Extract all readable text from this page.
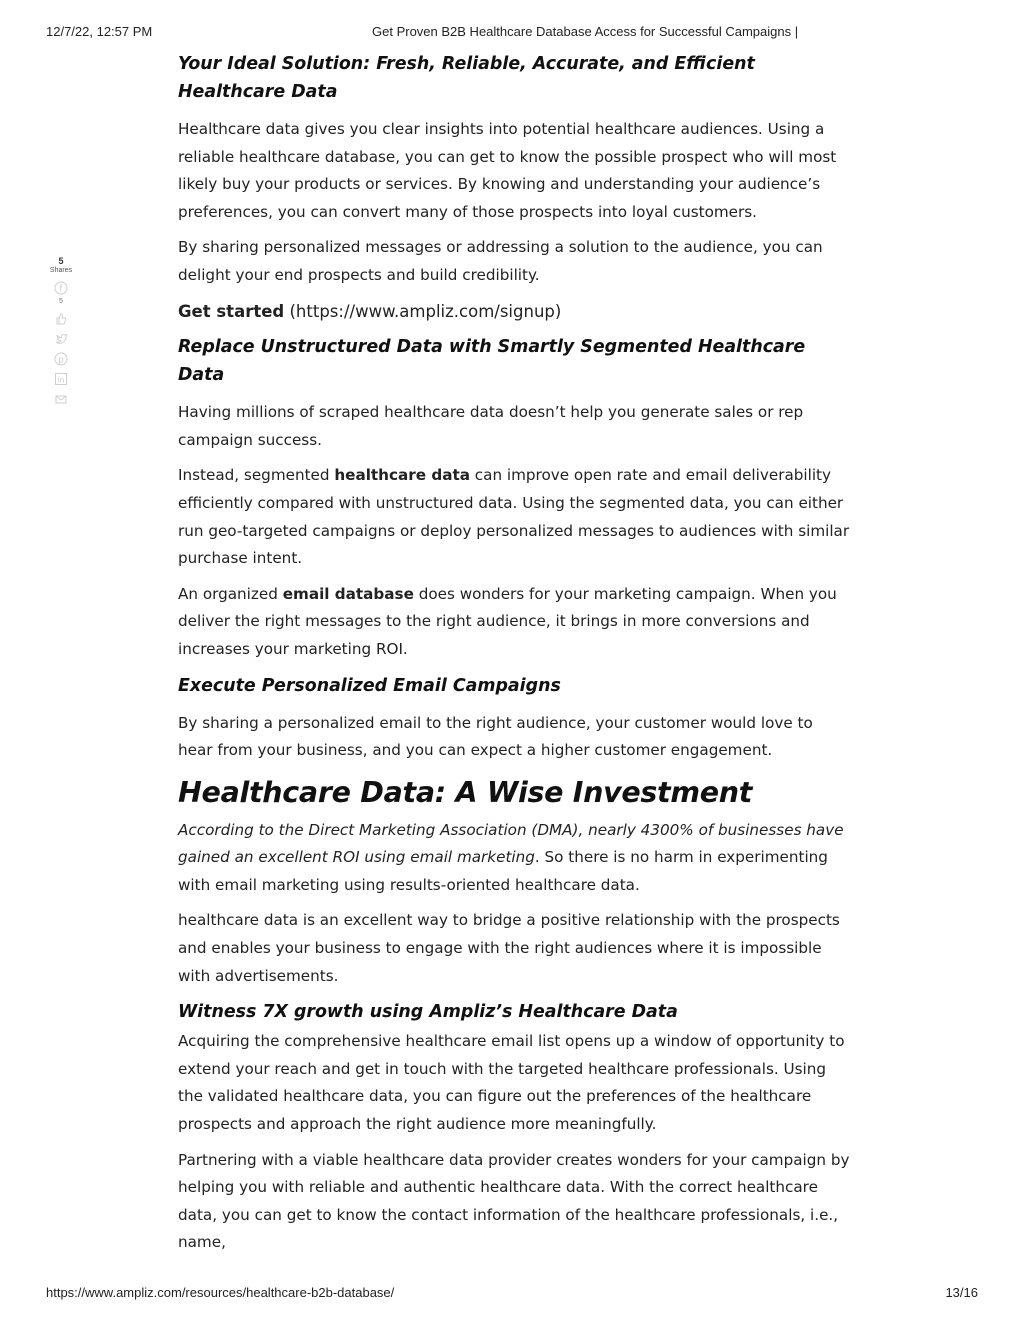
12/7/22, 12:57 PM	Get Proven B2B Healthcare Database Access for Successful Campaigns |
5
Shares
f
5
p
in
Your Ideal Solution: Fresh, Reliable, Accurate, and Efficient Healthcare Data

Healthcare data gives you clear insights into potential healthcare audiences. Using a reliable healthcare database, you can get to know the possible prospect who will most likely buy your products or services. By knowing and understanding your audience’s preferences, you can convert many of those prospects into loyal customers.

By sharing personalized messages or addressing a solution to the audience, you can delight your end prospects and build credibility.

Get started (https://www.ampliz.com/signup)

Replace Unstructured Data with Smartly Segmented Healthcare Data

Having millions of scraped healthcare data doesn’t help you generate sales or rep campaign success.

Instead, segmented healthcare data can improve open rate and email deliverability efficiently compared with unstructured data. Using the segmented data, you can either run geo-targeted campaigns or deploy personalized messages to audiences with similar purchase intent.

An organized email database does wonders for your marketing campaign. When you deliver the right messages to the right audience, it brings in more conversions and increases your marketing ROI.

Execute Personalized Email Campaigns

By sharing a personalized email to the right audience, your customer would love to hear from your business, and you can expect a higher customer engagement.

Healthcare Data: A Wise Investment

According to the Direct Marketing Association (DMA), nearly 4300% of businesses have gained an excellent ROI using email marketing. So there is no harm in experimenting with email marketing using results-oriented healthcare data.

healthcare data is an excellent way to bridge a positive relationship with the prospects and enables your business to engage with the right audiences where it is impossible with advertisements.

Witness 7X growth using Ampliz’s Healthcare Data

Acquiring the comprehensive healthcare email list opens up a window of opportunity to extend your reach and get in touch with the targeted healthcare professionals. Using the validated healthcare data, you can figure out the preferences of the healthcare prospects and approach the right audience more meaningfully.

Partnering with a viable healthcare data provider creates wonders for your campaign by helping you with reliable and authentic healthcare data. With the correct healthcare data, you can get to know the contact information of the healthcare professionals, i.e., name,

https://www.ampliz.com/resources/healthcare-b2b-database/	13/16
